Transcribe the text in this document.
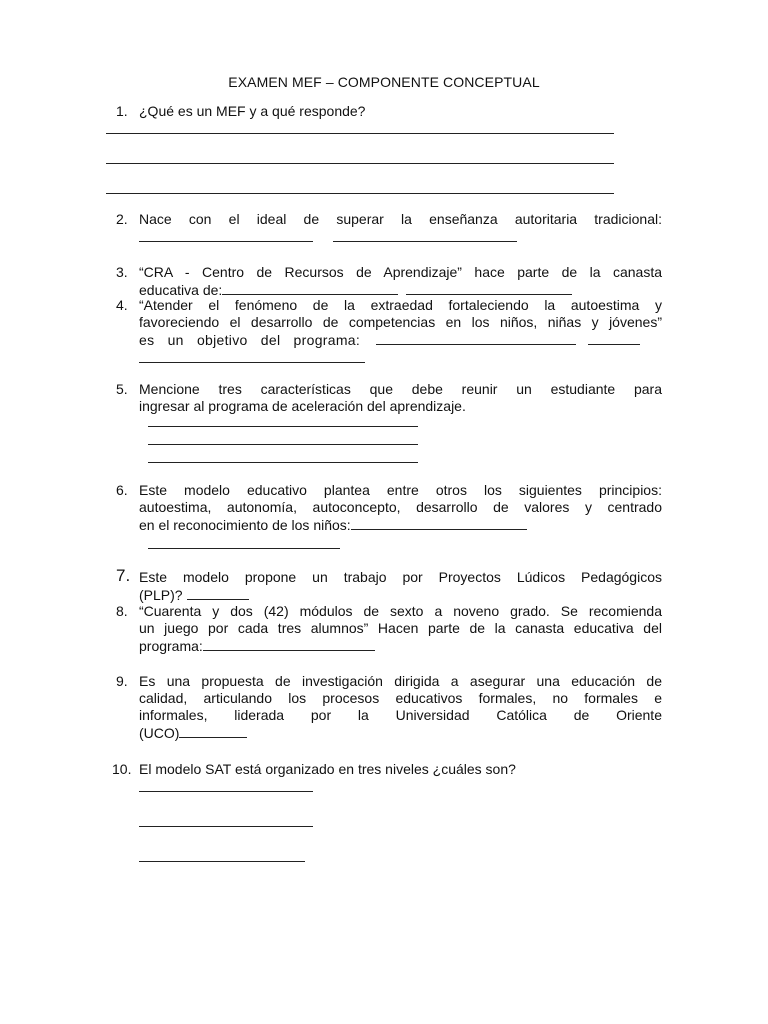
EXAMEN MEF – COMPONENTE CONCEPTUAL
1. ¿Qué es un MEF y a qué responde?
2. Nace con el ideal de superar la enseñanza autoritaria tradicional:
3. “CRA - Centro de Recursos de Aprendizaje” hace parte de la canasta
educativa de:
4. “Atender el fenómeno de la extraedad fortaleciendo la autoestima y
favoreciendo el desarrollo de competencias en los niños, niñas y jóvenes”
es un objetivo del programa:
5. Mencione tres características que debe reunir un estudiante para
ingresar al programa de aceleración del aprendizaje.
6. Este modelo educativo plantea entre otros los siguientes principios:
autoestima, autonomía, autoconcepto, desarrollo de valores y centrado
en el reconocimiento de los niños:
7. Este modelo propone un trabajo por Proyectos Lúdicos Pedagógicos
(PLP)?
8. “Cuarenta y dos (42) módulos de sexto a noveno grado. Se recomienda
un juego por cada tres alumnos” Hacen parte de la canasta educativa del
programa:
9. Es una propuesta de investigación dirigida a asegurar una educación de
calidad, articulando los procesos educativos formales, no formales e
informales, liderada por la Universidad Católica de Oriente
(UCO)
10. El modelo SAT está organizado en tres niveles ¿cuáles son?
